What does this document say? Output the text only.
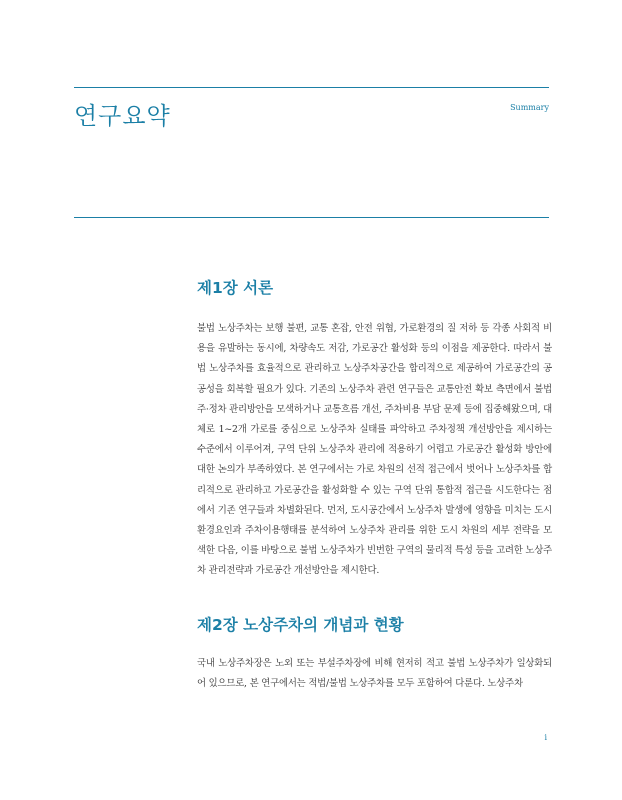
연구요약	Summary
제1장 서론

불법 노상주차는 보행 불편, 교통 혼잡, 안전 위협, 가로환경의 질 저하 등 각종 사회적 비용을 유발하는 동시에, 차량속도 저감, 가로공간 활성화 등의 이점을 제공한다. 따라서 불법 노상주차를 효율적으로 관리하고 노상주차공간을 합리적으로 제공하여 가로공간의 공공성을 회복할 필요가 있다. 기존의 노상주차 관련 연구들은 교통안전 확보 측면에서 불법 주·정차 관리방안을 모색하거나 교통흐름 개선, 주차비용 부담 문제 등에 집중해왔으며, 대체로 1~2개 가로를 중심으로 노상주차 실태를 파악하고 주차정책 개선방안을 제시하는 수준에서 이루어져, 구역 단위 노상주차 관리에 적용하기 어렵고 가로공간 활성화 방안에 대한 논의가 부족하였다. 본 연구에서는 가로 차원의 선적 접근에서 벗어나 노상주차를 합리적으로 관리하고 가로공간을 활성화할 수 있는 구역 단위 통합적 접근을 시도한다는 점에서 기존 연구들과 차별화된다. 먼저, 도시공간에서 노상주차 발생에 영향을 미치는 도시환경요인과 주차이용행태를 분석하여 노상주차 관리를 위한 도시 차원의 세부 전략을 모색한 다음, 이를 바탕으로 불법 노상주차가 빈번한 구역의 물리적 특성 등을 고려한 노상주차 관리전략과 가로공간 개선방안을 제시한다.

제2장 노상주차의 개념과 현황

국내 노상주차장은 노외 또는 부설주차장에 비해 현저히 적고 불법 노상주차가 일상화되어 있으므로, 본 연구에서는 적법/불법 노상주차를 모두 포함하여 다룬다. 노상주차

i
